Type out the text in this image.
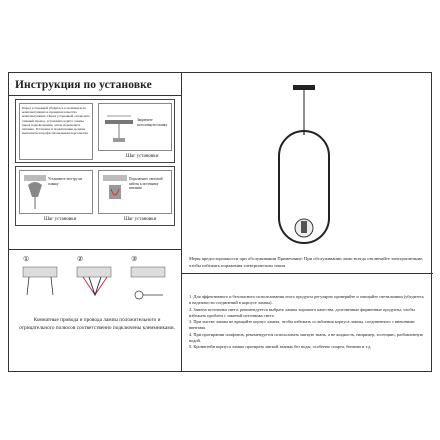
Инструкция по установке
Перед установкой убедитесь в наличии всех комплектующих и проверьте качество комплектующих. Перед установкой отключите главный провод, установите корпус лампы перед подключением, затем подключите питание. Установка и подключение должны выполняться профессиональным персоналом.
Закрепите потолочную планку
Шаг установки
Установите люстру на планку
Подключите световой кабель к источнику питания
Шаг установки	Шаг установки
①	②	③
Комнатные провода и провода лампы положительного и отрицательного полюсов соответственно подключены клеммниками.
Меры предосторожности при обслуживании Примечание: При обслуживании ламп всегда отключайте электропитание, чтобы избежать поражения электрическим током

1. Для эффективного и безопасного использования этого продукта регулярно проверяйте и очищайте светильники (убедитесь в надежности соединений в корпусе лампы).

2. Замена источника света: рекомендуется выбрать лампы хорошего качества, долговечные фирменные продукты, чтобы избежать проблем с заменой источника света.

3. При чистке лампы не вращайте корпус лампы, чтобы избежать ослабления корпуса лампы, соединенного с внешними винтами.

4. При протирании плафонов, рекомендуется использовать мягкую ткань, а не жидкость, например, эссенцию, разбавленную водой.

5. Кронштейн корпуса лампы протирать мягкой тканью без воды, особенно спирта, бензина и т.д.
